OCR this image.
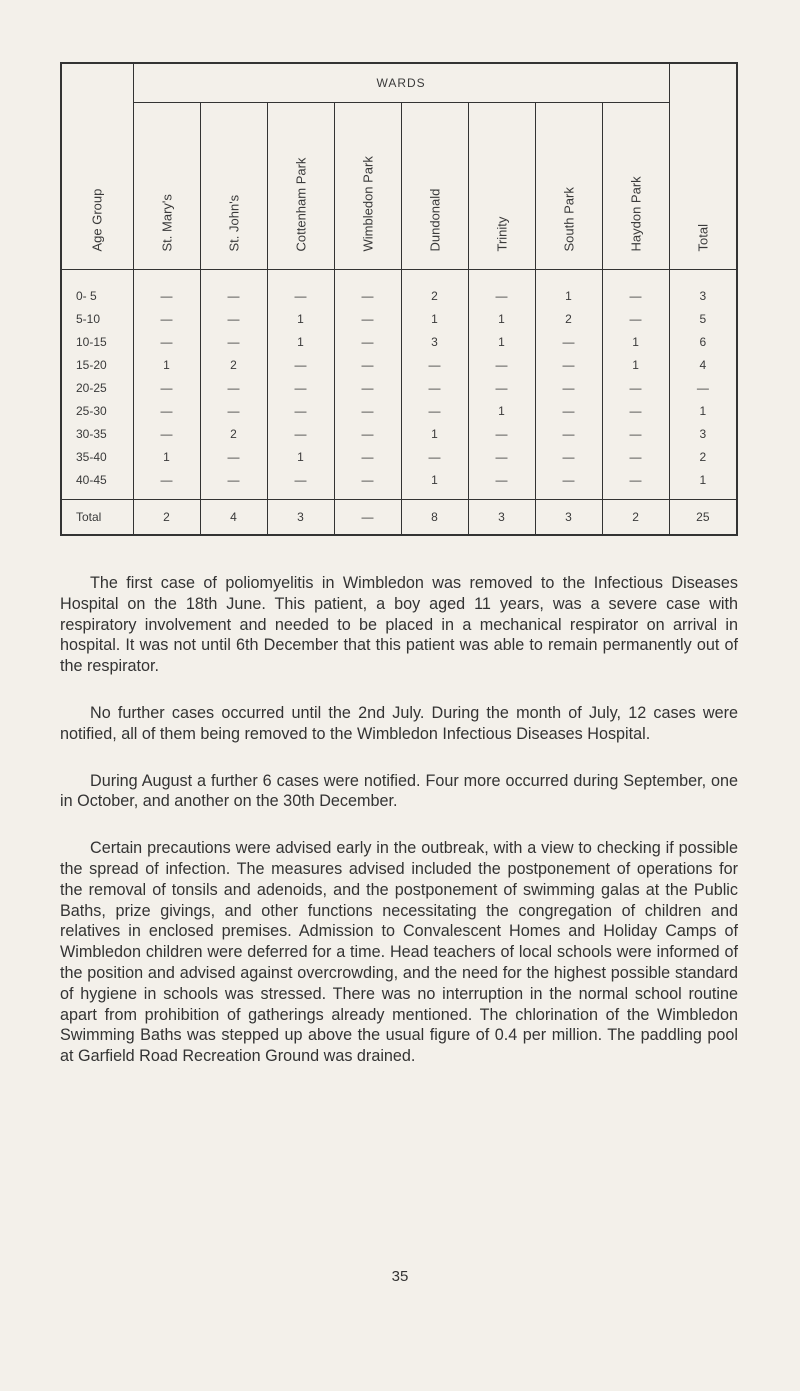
Age Group	WARDS								Total

	St. Mary's	St. John's	Cottenham Park	Wimbledon Park	Dundonald	Trinity	South Park	Haydon Park	

0- 5	—	—	—	—	2	—	1	—	3
5-10	—	—	1	—	1	1	2	—	5
10-15	—	—	1	—	3	1	—	1	6
15-20	1	2	—	—	—	—	—	1	4
20-25	—	—	—	—	—	—	—	—	—
25-30	—	—	—	—	—	1	—	—	1
30-35	—	2	—	—	1	—	—	—	3
35-40	1	—	1	—	—	—	—	—	2
40-45	—	—	—	—	1	—	—	—	1
Total	2	4	3	—	8	3	3	2	25

The first case of poliomyelitis in Wimbledon was removed to the Infectious Diseases Hospital on the 18th June. This patient, a boy aged 11 years, was a severe case with respiratory involvement and needed to be placed in a mechanical respirator on arrival in hospital. It was not until 6th December that this patient was able to remain permanently out of the respirator.

No further cases occurred until the 2nd July. During the month of July, 12 cases were notified, all of them being removed to the Wimbledon Infectious Diseases Hospital.

During August a further 6 cases were notified. Four more occurred during September, one in October, and another on the 30th December.

Certain precautions were advised early in the outbreak, with a view to checking if possible the spread of infection. The measures advised included the postponement of operations for the removal of tonsils and adenoids, and the postponement of swimming galas at the Public Baths, prize givings, and other functions necessitating the congregation of children and relatives in enclosed premises. Admission to Convalescent Homes and Holiday Camps of Wimbledon children were deferred for a time. Head teachers of local schools were informed of the position and advised against overcrowding, and the need for the highest possible standard of hygiene in schools was stressed. There was no interruption in the normal school routine apart from prohibition of gatherings already mentioned. The chlorination of the Wimbledon Swimming Baths was stepped up above the usual figure of 0.4 per million. The paddling pool at Garfield Road Recreation Ground was drained.

35
